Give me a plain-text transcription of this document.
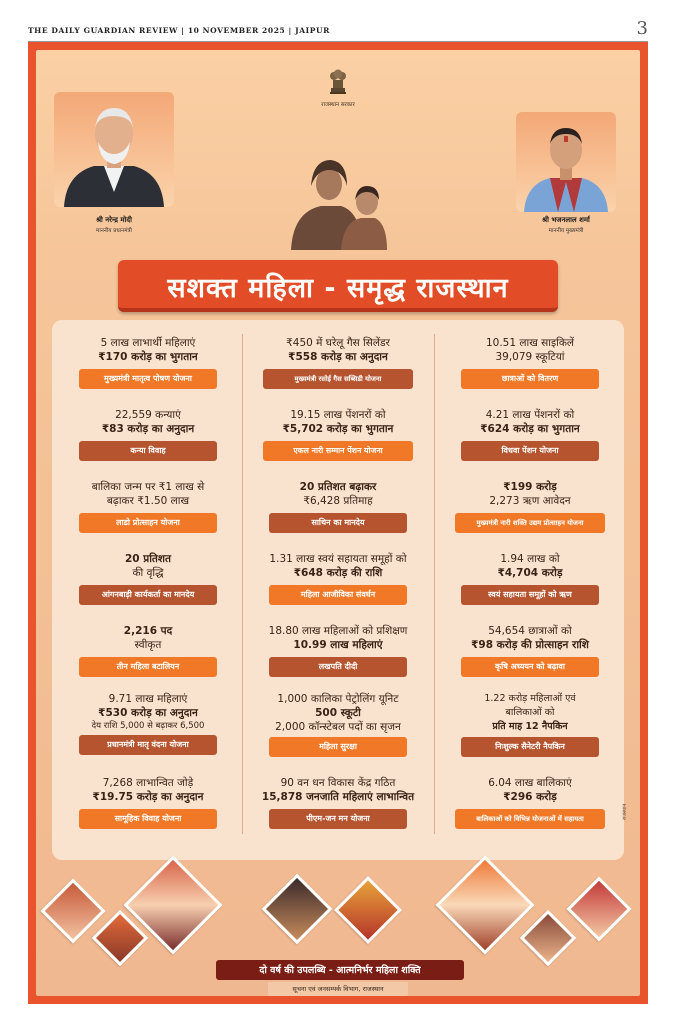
THE DAILY GUARDIAN REVIEW | 10 NOVEMBER 2025 | JAIPUR	3
राजस्थान सरकार
श्री नरेन्द्र मोदी
माननीय प्रधानमंत्री
श्री भजनलाल शर्मा
माननीय मुख्यमंत्री
सशक्त महिला - समृद्ध राजस्थान
5 लाख लाभार्थी महिलाएं
₹170 करोड़ का भुगतान
मुख्यमंत्री मातृत्व पोषण योजना
22,559 कन्याएं
₹83 करोड़ का अनुदान
कन्या विवाह
बालिका जन्म पर ₹1 लाख से
बढ़ाकर ₹1.50 लाख
लाडो प्रोत्साहन योजना
20 प्रतिशत
की वृद्धि
आंगनबाड़ी कार्यकर्ता का मानदेय
2,216 पद
स्वीकृत
तीन महिला बटालियन
9.71 लाख महिलाएं
₹530 करोड़ का अनुदान
देय राशि 5,000 से बढ़ाकर 6,500
प्रधानमंत्री मातृ वंदना योजना
7,268 लाभान्वित जोड़े
₹19.75 करोड़ का अनुदान
सामूहिक विवाह योजना
₹450 में घरेलू गैस सिलेंडर
₹558 करोड़ का अनुदान
मुख्यमंत्री रसोई गैस सब्सिडी योजना
19.15 लाख पेंशनरों को
₹5,702 करोड़ का भुगतान
एकल नारी सम्मान पेंशन योजना
20 प्रतिशत बढ़ाकर
₹6,428 प्रतिमाह
साथिन का मानदेय
1.31 लाख स्वयं सहायता समूहों को
₹648 करोड़ की राशि
महिला आजीविका संवर्धन
18.80 लाख महिलाओं को प्रशिक्षण
10.99 लाख महिलाएं
लखपति दीदी
1,000 कालिका पेट्रोलिंग यूनिट
500 स्कूटी
2,000 कॉन्स्टेबल पदों का सृजन
महिला सुरक्षा
90 वन धन विकास केंद्र गठित
15,878 जनजाति महिलाएं लाभान्वित
पीएम-जन मन योजना
10.51 लाख साइकिलें
39,079 स्कूटियां
छात्राओं को वितरण
4.21 लाख पेंशनरों को
₹624 करोड़ का भुगतान
विधवा पेंशन योजना
₹199 करोड़
2,273 ऋण आवेदन
मुख्यमंत्री नारी शक्ति उद्यम प्रोत्साहन योजना
1.94 लाख को
₹4,704 करोड़
स्वयं सहायता समूहों को ऋण
54,654 छात्राओं को
₹98 करोड़ की प्रोत्साहन राशि
कृषि अध्ययन को बढ़ावा
1.22 करोड़ महिलाओं एवं
बालिकाओं को
प्रति माह 12 नैपकिन
निःशुल्क सैनेटरी नैपकिन
6.04 लाख बालिकाएं
₹296 करोड़
बालिकाओं को विभिन्न योजनाओं में सहायता	राजस्थान
दो वर्ष की उपलब्धि - आत्मनिर्भर महिला शक्ति
सूचना एवं जनसम्पर्क विभाग, राजस्थान
